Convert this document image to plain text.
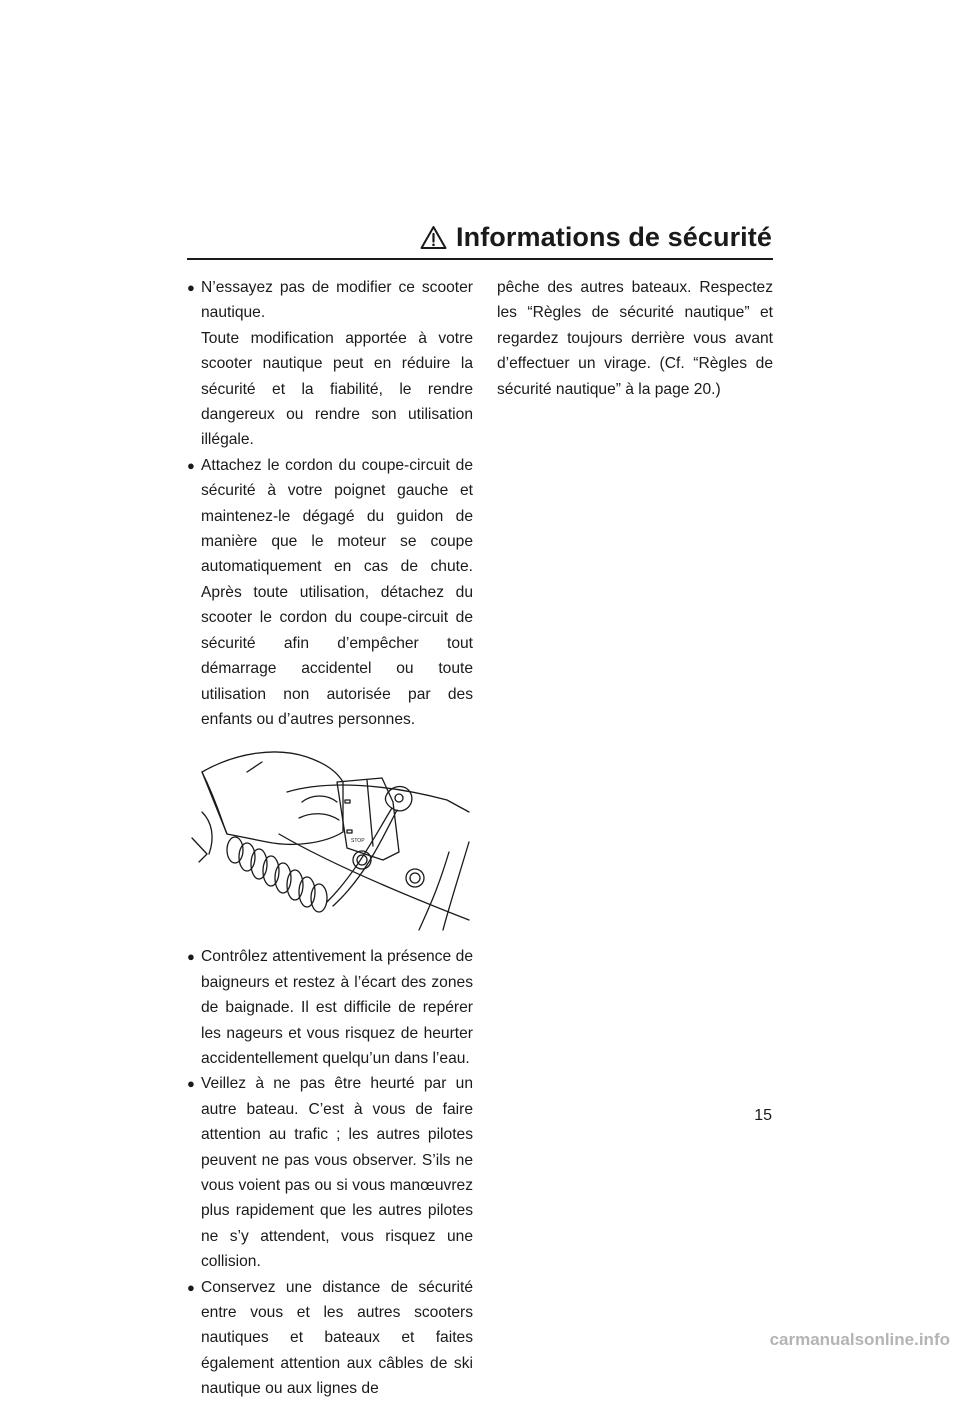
Informations de sécurité
● N’essayez pas de modifier ce scooter nautique.
Toute modification apportée à votre scooter nautique peut en réduire la sécurité et la fiabilité, le rendre dangereux ou rendre son utilisation illégale.
● Attachez le cordon du coupe-circuit de sécurité à votre poignet gauche et maintenez-le dégagé du guidon de manière que le moteur se coupe automatiquement en cas de chute. Après toute utilisation, détachez du scooter le cordon du coupe-circuit de sécurité afin d’empêcher tout démarrage accidentel ou toute utilisation non autorisée par des enfants ou d’autres personnes.
STOP
● Contrôlez attentivement la présence de baigneurs et restez à l’écart des zones de baignade. Il est difficile de repérer les nageurs et vous risquez de heurter accidentellement quelqu’un dans l’eau.
● Veillez à ne pas être heurté par un autre bateau. C’est à vous de faire attention au trafic ; les autres pilotes peuvent ne pas vous observer. S’ils ne vous voient pas ou si vous manœuvrez plus rapidement que les autres pilotes ne s’y attendent, vous risquez une collision.
● Conservez une distance de sécurité entre vous et les autres scooters nautiques et bateaux et faites également attention aux câbles de ski nautique ou aux lignes de
pêche des autres bateaux. Respectez les “Règles de sécurité nautique” et regardez toujours derrière vous avant d’effectuer un virage. (Cf. “Règles de sécurité nautique” à la page 20.)
15
carmanualsonline.info
